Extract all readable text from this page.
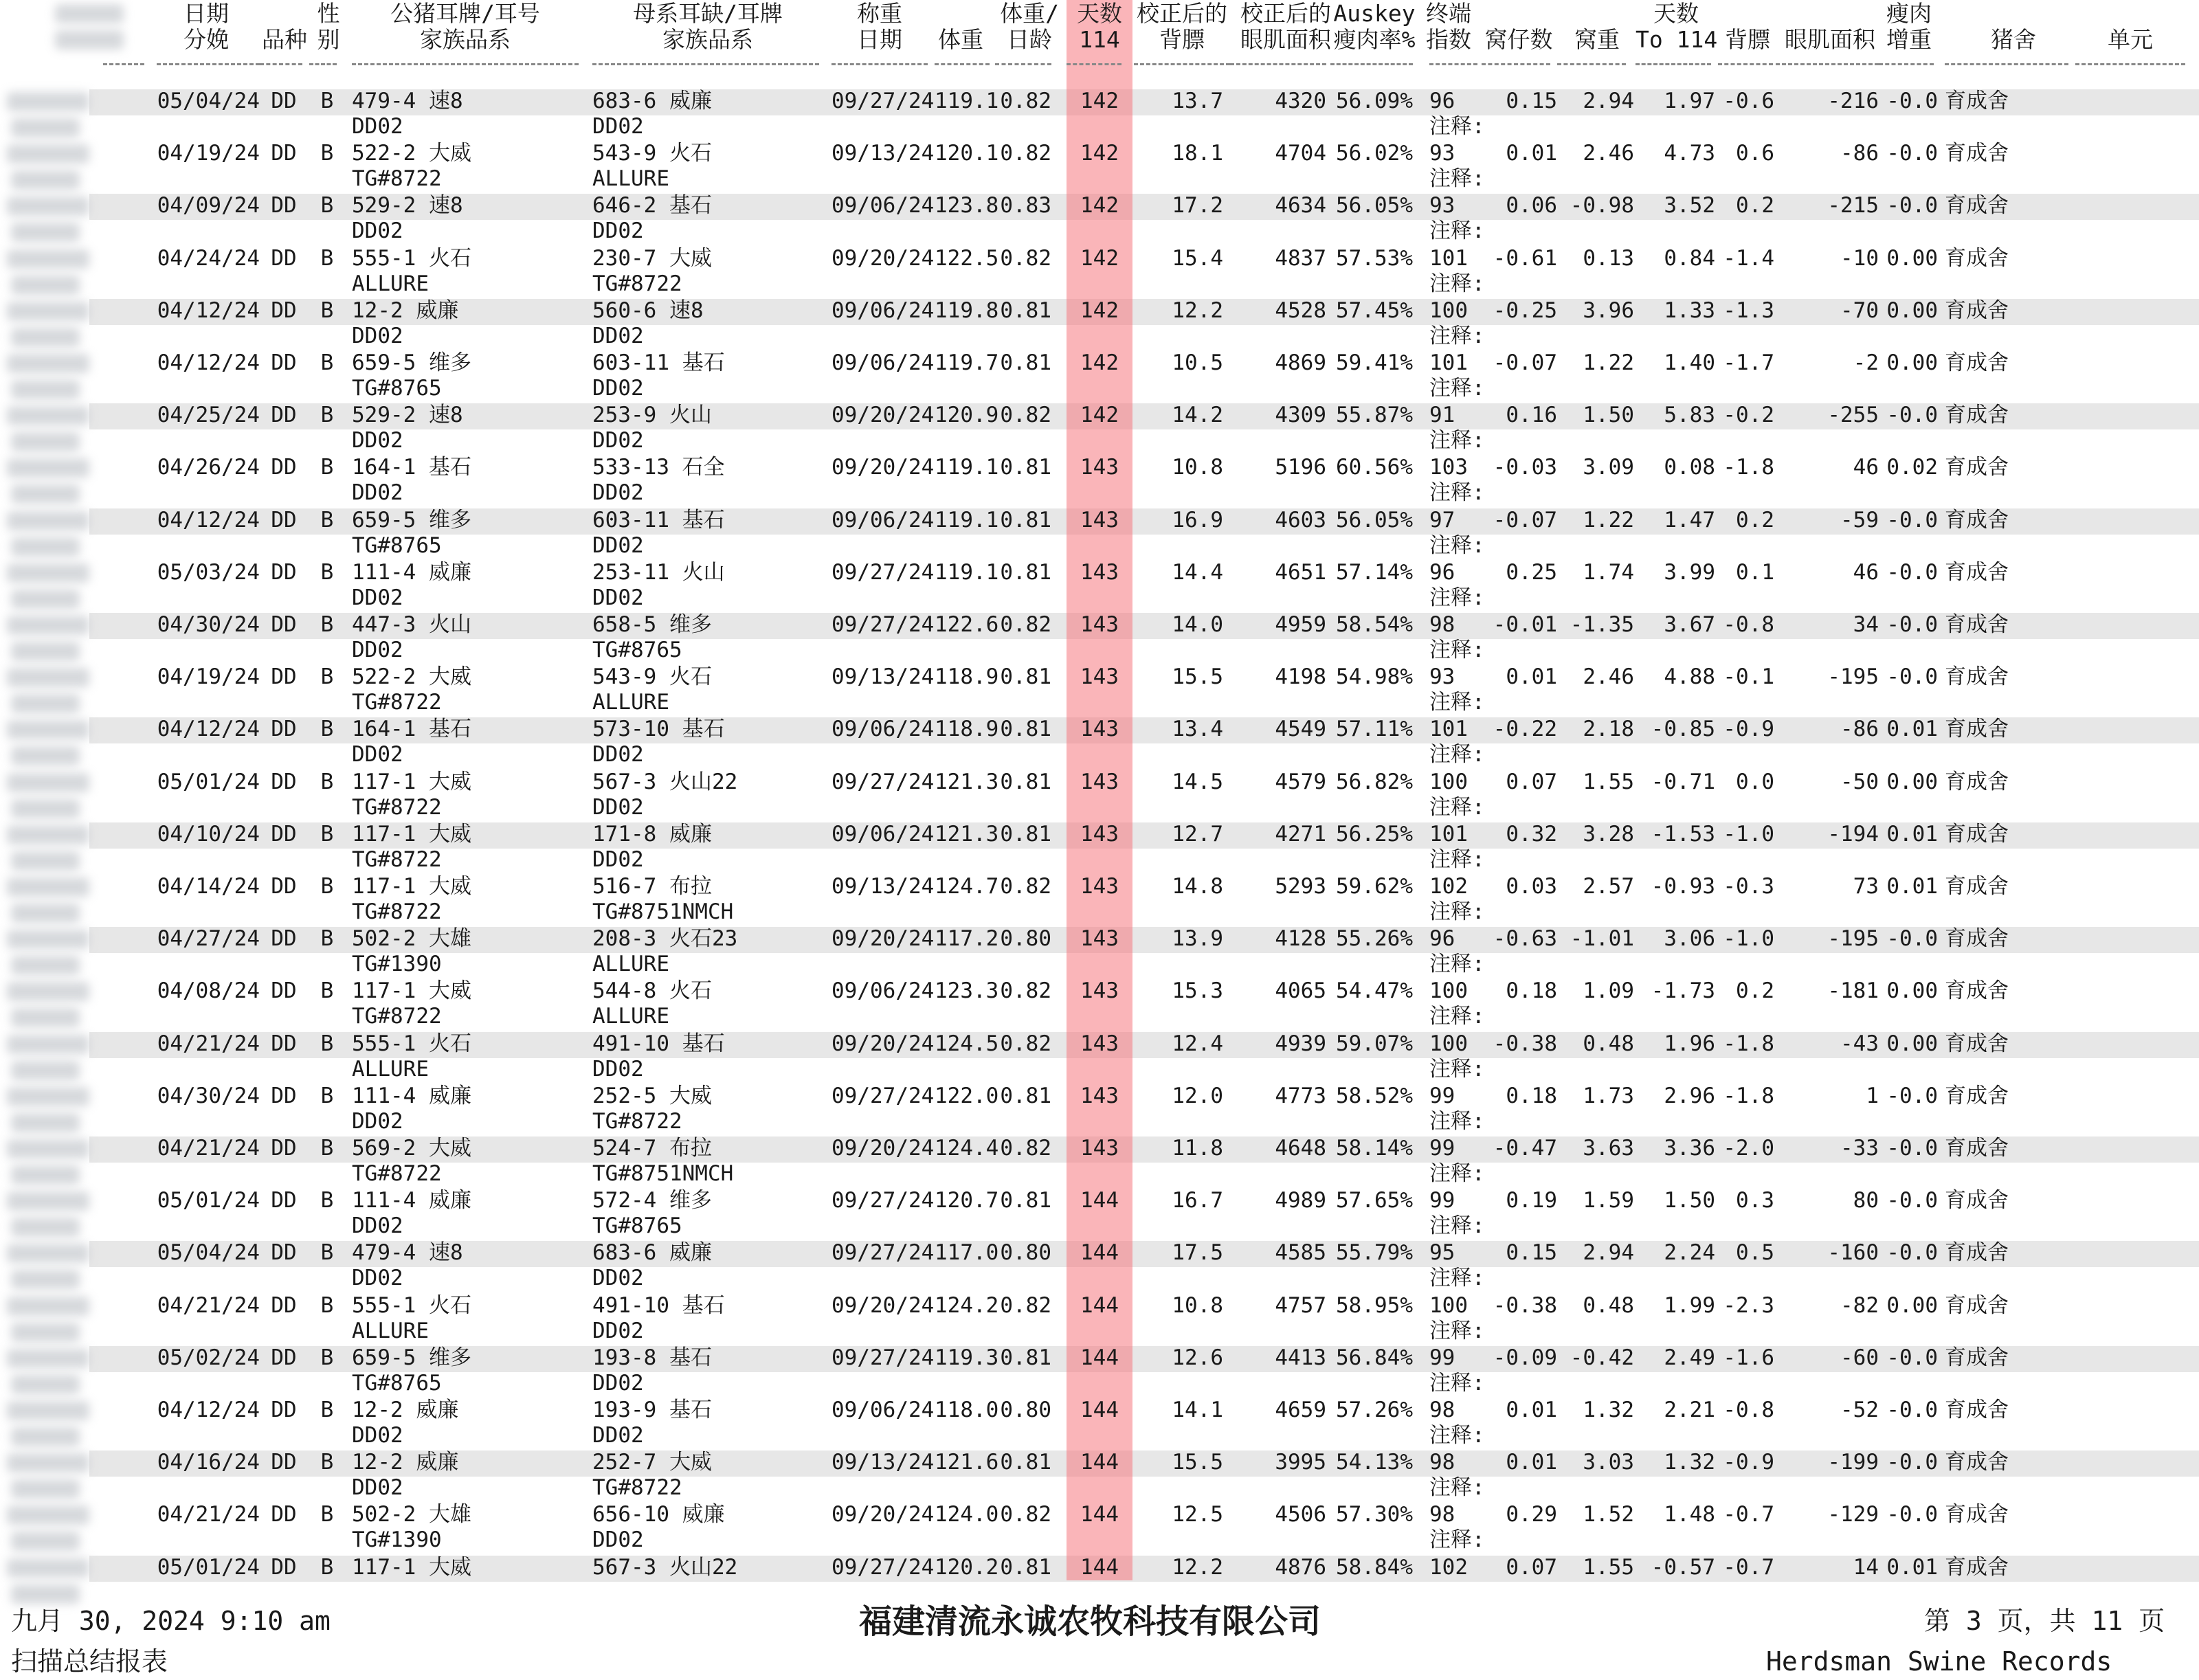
日期
分娩	品种
性
别
公猪耳牌/耳号
家族品系
母系耳缺/耳牌
家族品系
称重
日期	体重
体重/
日龄
天数
114
校正后的
背膘
校正后的
眼肌面积
Auskey
瘦肉率%
终端
指数 窝仔数 窝重
天数
To 114 背膘 眼肌面积
瘦肉
增重	猪舍	单元
05/04/24 DD	B 479-4 速8	683-6 威廉	09/27/24 119.1 0.82	142	13.7	4320 56.09% 96	0.15	2.94	1.97 -0.6	-216 -0.0 育成舍
DD02	DD02	注释:
04/19/24 DD	B 522-2 大威	543-9 火石	09/13/24 120.1 0.82	142	18.1	4704 56.02% 93	0.01	2.46	4.73 0.6	-86 -0.0 育成舍
TG#8722	ALLURE	注释:
04/09/24 DD	B 529-2 速8	646-2 基石	09/06/24 123.8 0.83	142	17.2	4634 56.05% 93	0.06 -0.98	3.52 0.2	-215 -0.0 育成舍
DD02	DD02	注释:
04/24/24 DD	B 555-1 火石	230-7 大威	09/20/24 122.5 0.82	142	15.4	4837 57.53% 101	-0.61	0.13	0.84 -1.4	-10 0.00 育成舍
ALLURE	TG#8722	注释:
04/12/24 DD	B 12-2 威廉	560-6 速8	09/06/24 119.8 0.81	142	12.2	4528 57.45% 100	-0.25	3.96	1.33 -1.3	-70 0.00 育成舍
DD02	DD02	注释:
04/12/24 DD	B 659-5 维多	603-11 基石	09/06/24 119.7 0.81	142	10.5	4869 59.41% 101	-0.07	1.22	1.40 -1.7	-2 0.00 育成舍
TG#8765	DD02	注释:
04/25/24 DD	B 529-2 速8	253-9 火山	09/20/24 120.9 0.82	142	14.2	4309 55.87% 91	0.16	1.50	5.83 -0.2	-255 -0.0 育成舍
DD02	DD02	注释:
04/26/24 DD	B 164-1 基石	533-13 石全	09/20/24 119.1 0.81	143	10.8	5196 60.56% 103	-0.03	3.09	0.08 -1.8	46 0.02 育成舍
DD02	DD02	注释:
04/12/24 DD	B 659-5 维多	603-11 基石	09/06/24 119.1 0.81	143	16.9	4603 56.05% 97	-0.07	1.22	1.47 0.2	-59 -0.0 育成舍
TG#8765	DD02	注释:
05/03/24 DD	B 111-4 威廉	253-11 火山	09/27/24 119.1 0.81	143	14.4	4651 57.14% 96	0.25	1.74	3.99 0.1	46 -0.0 育成舍
DD02	DD02	注释:
04/30/24 DD	B 447-3 火山	658-5 维多	09/27/24 122.6 0.82	143	14.0	4959 58.54% 98	-0.01 -1.35	3.67 -0.8	34 -0.0 育成舍
DD02	TG#8765	注释:
04/19/24 DD	B 522-2 大威	543-9 火石	09/13/24 118.9 0.81	143	15.5	4198 54.98% 93	0.01	2.46	4.88 -0.1	-195 -0.0 育成舍
TG#8722	ALLURE	注释:
04/12/24 DD	B 164-1 基石	573-10 基石	09/06/24 118.9 0.81	143	13.4	4549 57.11% 101	-0.22	2.18 -0.85 -0.9	-86 0.01 育成舍
DD02	DD02	注释:
05/01/24 DD	B 117-1 大威	567-3 火山22	09/27/24 121.3 0.81	143	14.5	4579 56.82% 100	0.07	1.55 -0.71 0.0	-50 0.00 育成舍
TG#8722	DD02	注释:
04/10/24 DD	B 117-1 大威	171-8 威廉	09/06/24 121.3 0.81	143	12.7	4271 56.25% 101	0.32	3.28 -1.53 -1.0	-194 0.01 育成舍
TG#8722	DD02	注释:
04/14/24 DD	B 117-1 大威	516-7 布拉	09/13/24 124.7 0.82	143	14.8	5293 59.62% 102	0.03	2.57 -0.93 -0.3	73 0.01 育成舍
TG#8722	TG#8751NMCH	注释:
04/27/24 DD	B 502-2 大雄	208-3 火石23	09/20/24 117.2 0.80	143	13.9	4128 55.26% 96	-0.63 -1.01	3.06 -1.0	-195 -0.0 育成舍
TG#1390	ALLURE	注释:
04/08/24 DD	B 117-1 大威	544-8 火石	09/06/24 123.3 0.82	143	15.3	4065 54.47% 100	0.18	1.09 -1.73 0.2	-181 0.00 育成舍
TG#8722	ALLURE	注释:
04/21/24 DD	B 555-1 火石	491-10 基石	09/20/24 124.5 0.82	143	12.4	4939 59.07% 100	-0.38	0.48	1.96 -1.8	-43 0.00 育成舍
ALLURE	DD02	注释:
04/30/24 DD	B 111-4 威廉	252-5 大威	09/27/24 122.0 0.81	143	12.0	4773 58.52% 99	0.18	1.73	2.96 -1.8	1 -0.0 育成舍
DD02	TG#8722	注释:
04/21/24 DD	B 569-2 大威	524-7 布拉	09/20/24 124.4 0.82	143	11.8	4648 58.14% 99	-0.47	3.63	3.36 -2.0	-33 -0.0 育成舍
TG#8722	TG#8751NMCH	注释:
05/01/24 DD	B 111-4 威廉	572-4 维多	09/27/24 120.7 0.81	144	16.7	4989 57.65% 99	0.19	1.59	1.50 0.3	80 -0.0 育成舍
DD02	TG#8765	注释:
05/04/24 DD	B 479-4 速8	683-6 威廉	09/27/24 117.0 0.80	144	17.5	4585 55.79% 95	0.15	2.94	2.24 0.5	-160 -0.0 育成舍
DD02	DD02	注释:
04/21/24 DD	B 555-1 火石	491-10 基石	09/20/24 124.2 0.82	144	10.8	4757 58.95% 100	-0.38	0.48	1.99 -2.3	-82 0.00 育成舍
ALLURE	DD02	注释:
05/02/24 DD	B 659-5 维多	193-8 基石	09/27/24 119.3 0.81	144	12.6	4413 56.84% 99	-0.09 -0.42	2.49 -1.6	-60 -0.0 育成舍
TG#8765	DD02	注释:
04/12/24 DD	B 12-2 威廉	193-9 基石	09/06/24 118.0 0.80	144	14.1	4659 57.26% 98	0.01	1.32	2.21 -0.8	-52 -0.0 育成舍
DD02	DD02	注释:
04/16/24 DD	B 12-2 威廉	252-7 大威	09/13/24 121.6 0.81	144	15.5	3995 54.13% 98	0.01	3.03	1.32 -0.9	-199 -0.0 育成舍
DD02	TG#8722	注释:
04/21/24 DD	B 502-2 大雄	656-10 威廉	09/20/24 124.0 0.82	144	12.5	4506 57.30% 98	0.29	1.52	1.48 -0.7	-129 -0.0 育成舍
TG#1390	DD02	注释:
05/01/24 DD	B 117-1 大威	567-3 火山22	09/27/24 120.2 0.81	144	12.2	4876 58.84% 102	0.07	1.55 -0.57 -0.7	14 0.01 育成舍
九月 30, 2024 9:10 am
扫描总结报表
福建清流永诚农牧科技有限公司	第 3 页，共 11 页
Herdsman Swine Records
